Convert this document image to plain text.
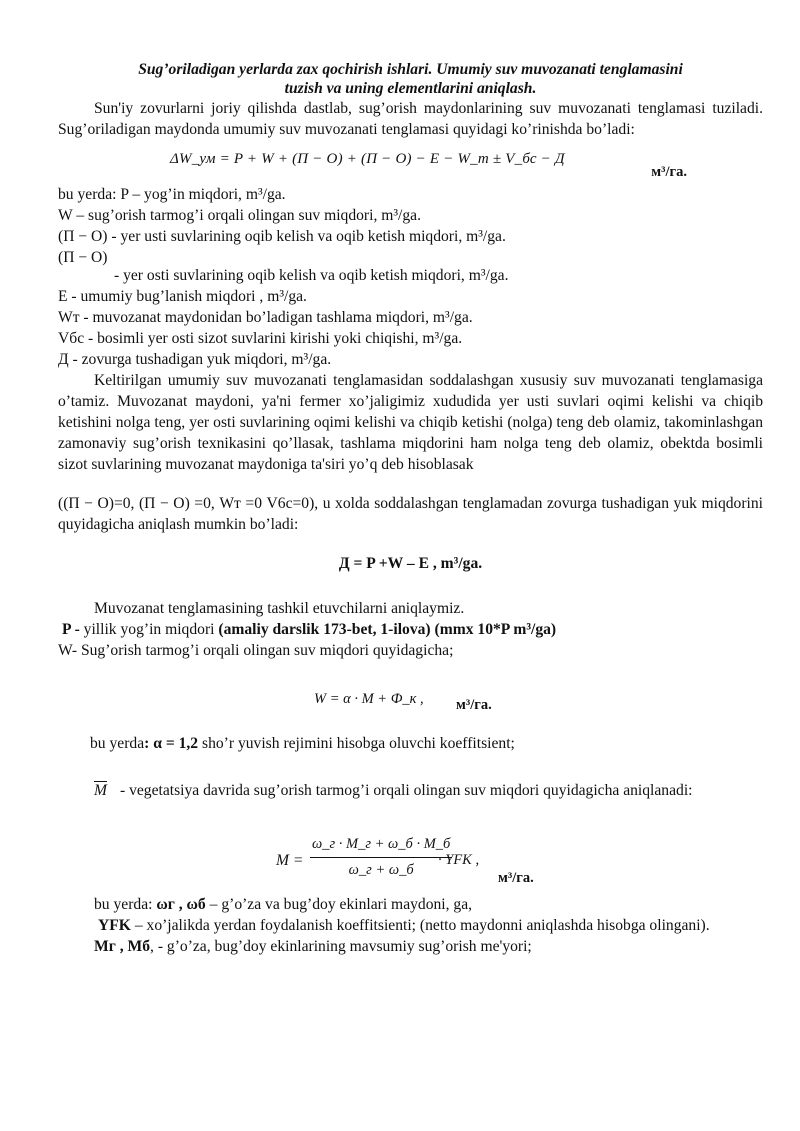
Sug’oriladigan yerlarda zax qochirish ishlari. Umumiy suv muvozanati tenglamasini
tuzish va uning elementlarini aniqlash.

Sun'iy zovurlarni joriy qilishda dastlab, sug’orish maydonlarining suv muvozanati tenglamasi tuziladi. Sug’oriladigan maydonda umumiy suv muvozanati tenglamasi quyidagi ko’rinishda bo’ladi:

ΔW_ум = P + W + (П − О) + (П − О) − E − W_т ± V_бс − Д
м³/га.

bu yerda: P – yog’in miqdori, m³/ga.

W – sug’orish tarmog’i orqali olingan suv miqdori, m³/ga.

(П − О) - yer usti suvlarining oqib kelish va oqib ketish miqdori, m³/ga.

(П − О)

- yer osti suvlarining oqib kelish va oqib ketish miqdori, m³/ga.

E - umumiy bug’lanish miqdori , m³/ga.

Wт - muvozanat maydonidan bo’ladigan tashlama miqdori, m³/ga.

Vбс - bosimli yer osti sizot suvlarini kirishi yoki chiqishi, m³/ga.

Д - zovurga tushadigan yuk miqdori, m³/ga.

Keltirilgan umumiy suv muvozanati tenglamasidan soddalashgan xususiy suv muvozanati tenglamasiga o’tamiz. Muvozanat maydoni, ya'ni fermer xo’jaligimiz xududida yer usti suvlari oqimi kelishi va chiqib ketishini nolga teng, yer osti suvlarining oqimi kelishi va chiqib ketishi (nolga) teng deb olamiz, takominlashgan zamonaviy sug’orish texnikasini qo’llasak, tashlama miqdorini ham nolga teng deb olamiz, obektda bosimli sizot suvlarining muvozanat maydoniga ta'siri yo’q deb hisoblasak

((П − О)=0, (П − О) =0, Wт =0 V6c=0), u xolda soddalashgan tenglamadan zovurga tushadigan yuk miqdorini quyidagicha aniqlash mumkin bo’ladi:

Д = P +W – E , m³/ga.

Muvozanat tenglamasining tashkil etuvchilarni aniqlaymiz.

P - yillik yog’in miqdori (amaliy darslik 173-bet, 1-ilova) (mmx 10*P m³/ga)

W- Sug’orish tarmog’i orqali olingan suv miqdori quyidagicha;

W = α · M + Ф_к , м³/га.

bu yerda: α = 1,2 sho’r yuvish rejimini hisobga oluvchi koeffitsient;

$\overline{M}$ - vegetatsiya davrida sug’orish tarmog’i orqali olingan suv miqdori quyidagicha aniqlanadi:
M =
ω_г · M_г + ω_б · M_б
ω_г + ω_б
· YFK ,
м³/га.

bu yerda: ωг , ωб – g’o’za va bug’doy ekinlari maydoni, ga,

YFK – xo’jalikda yerdan foydalanish koeffitsienti; (netto maydonni aniqlashda hisobga olingani).

Mг , Mб, - g’o’za, bug’doy ekinlarining mavsumiy sug’orish me'yori;
